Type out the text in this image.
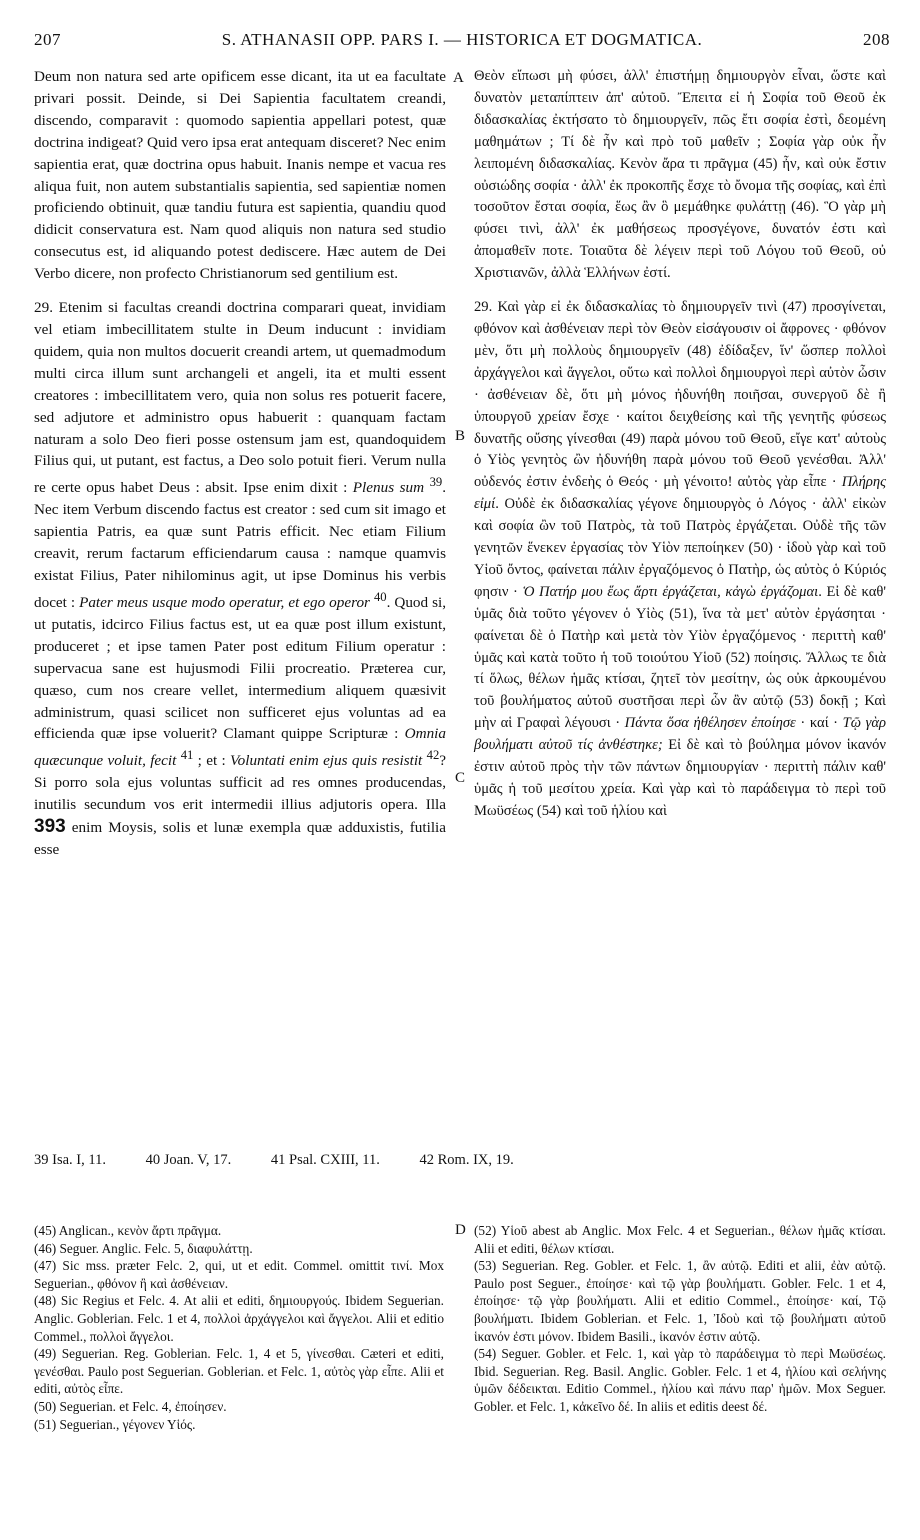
207	S. ATHANASII OPP. PARS I. — HISTORICA ET DOGMATICA.	208
A
B
C
D

Deum non natura sed arte opificem esse dicant, ita ut ea facultate privari possit. Deinde, si Dei Sapientia facultatem creandi, discendo, comparavit : quomodo sapientia appellari potest, quæ doctrina indigeat? Quid vero ipsa erat antequam disceret? Nec enim sapientia erat, quæ doctrina opus habuit. Inanis nempe et vacua res aliqua fuit, non autem substantialis sapientia, sed sapientiæ nomen proficiendo obtinuit, quæ tandiu futura est sapientia, quandiu quod didicit conservatura est. Nam quod aliquis non natura sed studio consecutus est, id aliquando potest dediscere. Hæc autem de Dei Verbo dicere, non profecto Christianorum sed gentilium est.

29. Etenim si facultas creandi doctrina comparari queat, invidiam vel etiam imbecillitatem stulte in Deum inducunt : invidiam quidem, quia non multos docuerit creandi artem, ut quemadmodum multi circa illum sunt archangeli et angeli, ita et multi essent creatores : imbecillitatem vero, quia non solus res potuerit facere, sed adjutore et administro opus habuerit : quanquam factam naturam a solo Deo fieri posse ostensum jam est, quandoquidem Filius qui, ut putant, est factus, a Deo solo potuit fieri. Verum nulla re certe opus habet Deus : absit. Ipse enim dixit : Plenus sum $^{39}$. Nec item Verbum discendo factus est creator : sed cum sit imago et sapientia Patris, ea quæ sunt Patris efficit. Nec etiam Filium creavit, rerum factarum efficiendarum causa : namque quamvis existat Filius, Pater nihilominus agit, ut ipse Dominus his verbis docet : Pater meus usque modo operatur, et ego operor $^{40}$. Quod si, ut putatis, idcirco Filius factus est, ut ea quæ post illum existunt, produceret ; et ipse tamen Pater post editum Filium operatur : supervacua sane est hujusmodi Filii procreatio. Præterea cur, quæso, cum nos creare vellet, intermedium aliquem quæsivit administrum, quasi scilicet non sufficeret ejus voluntas ad ea efficienda quæ ipse voluerit? Clamant quippe Scripturæ : Omnia quæcunque voluit, fecit $^{41}$ ; et : Voluntati enim ejus quis resistit $^{42}$? Si porro sola ejus voluntas sufficit ad res omnes producendas, inutilis secundum vos erit intermedii illius adjutoris opera. Illa 393 enim Moysis, solis et lunæ exempla quæ adduxistis, futilia esse

Θεὸν εἴπωσι μὴ φύσει, ἀλλ' ἐπιστήμῃ δημιουργὸν εἶναι, ὥστε καὶ δυνατὸν μεταπίπτειν ἀπ' αὐτοῦ. Ἔπειτα εἰ ἡ Σοφία τοῦ Θεοῦ ἐκ διδασκαλίας ἐκτήσατο τὸ δημιουργεῖν, πῶς ἔτι σοφία ἐστὶ, δεομένη μαθημάτων ; Τί δὲ ἦν καὶ πρὸ τοῦ μαθεῖν ; Σοφία γὰρ οὐκ ἦν λειπομένη διδασκαλίας. Κενὸν ἄρα τι πρᾶγμα (45) ἦν, καὶ οὐκ ἔστιν οὐσιώδης σοφία · ἀλλ' ἐκ προκοπῆς ἔσχε τὸ ὄνομα τῆς σοφίας, καὶ ἐπὶ τοσοῦτον ἔσται σοφία, ἕως ἂν ὃ μεμάθηκε φυλάττῃ (46). Ὃ γὰρ μὴ φύσει τινὶ, ἀλλ' ἐκ μαθήσεως προσγέγονε, δυνατόν ἐστι καὶ ἀπομαθεῖν ποτε. Τοιαῦτα δὲ λέγειν περὶ τοῦ Λόγου τοῦ Θεοῦ, οὐ Χριστιανῶν, ἀλλὰ Ἑλλήνων ἐστί.

29. Καὶ γὰρ εἰ ἐκ διδασκαλίας τὸ δημιουργεῖν τινὶ (47) προσγίνεται, φθόνον καὶ ἀσθένειαν περὶ τὸν Θεὸν εἰσάγουσιν οἱ ἄφρονες · φθόνον μὲν, ὅτι μὴ πολλοὺς δημιουργεῖν (48) ἐδίδαξεν, ἵν' ὥσπερ πολλοὶ ἀρχάγγελοι καὶ ἄγγελοι, οὕτω καὶ πολλοὶ δημιουργοὶ περὶ αὐτὸν ὦσιν · ἀσθένειαν δὲ, ὅτι μὴ μόνος ἠδυνήθη ποιῆσαι, συνεργοῦ δὲ ἢ ὑπουργοῦ χρείαν ἔσχε · καίτοι δειχθείσης καὶ τῆς γενητῆς φύσεως δυνατῆς οὔσης γίνεσθαι (49) παρὰ μόνου τοῦ Θεοῦ, εἴγε κατ' αὐτοὺς ὁ Υἱὸς γενητὸς ὢν ἠδυνήθη παρὰ μόνου τοῦ Θεοῦ γενέσθαι. Ἀλλ' οὐδενός ἐστιν ἐνδεὴς ὁ Θεός · μὴ γένοιτο! αὐτὸς γὰρ εἶπε · Πλήρης εἰμί. Οὐδὲ ἐκ διδασκαλίας γέγονε δημιουργὸς ὁ Λόγος · ἀλλ' εἰκὼν καὶ σοφία ὢν τοῦ Πατρὸς, τὰ τοῦ Πατρὸς ἐργάζεται. Οὐδὲ τῆς τῶν γενητῶν ἕνεκεν ἐργασίας τὸν Υἱὸν πεποίηκεν (50) · ἰδοὺ γὰρ καὶ τοῦ Υἱοῦ ὄντος, φαίνεται πάλιν ἐργαζόμενος ὁ Πατὴρ, ὡς αὐτὸς ὁ Κύριός φησιν · Ὁ Πατήρ μου ἕως ἄρτι ἐργάζεται, κἀγὼ ἐργάζομαι. Εἰ δὲ καθ' ὑμᾶς διὰ τοῦτο γέγονεν ὁ Υἱὸς (51), ἵνα τὰ μετ' αὐτὸν ἐργάσηται · φαίνεται δὲ ὁ Πατὴρ καὶ μετὰ τὸν Υἱὸν ἐργαζόμενος · περιττὴ καθ' ὑμᾶς καὶ κατὰ τοῦτο ἡ τοῦ τοιούτου Υἱοῦ (52) ποίησις. Ἄλλως τε διὰ τί ὅλως, θέλων ἡμᾶς κτίσαι, ζητεῖ τὸν μεσίτην, ὡς οὐκ ἀρκουμένου τοῦ βουλήματος αὐτοῦ συστῆσαι περὶ ὧν ἂν αὐτῷ (53) δοκῇ ; Καὶ μὴν αἱ Γραφαὶ λέγουσι · Πάντα ὅσα ἠθέλησεν ἐποίησε · καί · Τῷ γὰρ βουλήματι αὐτοῦ τίς ἀνθέστηκε; Εἰ δὲ καὶ τὸ βούλημα μόνον ἱκανόν ἐστιν αὐτοῦ πρὸς τὴν τῶν πάντων δημιουργίαν · περιττὴ πάλιν καθ' ὑμᾶς ἡ τοῦ μεσίτου χρεία. Καὶ γὰρ καὶ τὸ παράδειγμα τὸ περὶ τοῦ Μωϋσέως (54) καὶ τοῦ ἡλίου καὶ

39 Isa. I, 11.	40 Joan. V, 17.	41 Psal. CXIII, 11.	42 Rom. IX, 19.

(45) Anglican., κενὸν ἄρτι πρᾶγμα.

(46) Seguer. Anglic. Felc. 5, διαφυλάττῃ.

(47) Sic mss. præter Felc. 2, qui, ut et edit. Commel. omittit τινί. Mox Seguerian., φθόνον ἢ καὶ ἀσθένειαν.

(48) Sic Regius et Felc. 4. At alii et editi, δημιουργούς. Ibidem Seguerian. Anglic. Goblerian. Felc. 1 et 4, πολλοὶ ἀρχάγγελοι καὶ ἄγγελοι. Alii et editio Commel., πολλοὶ ἄγγελοι.

(49) Seguerian. Reg. Goblerian. Felc. 1, 4 et 5, γίνεσθαι. Cæteri et editi, γενέσθαι. Paulo post Seguerian. Goblerian. et Felc. 1, αὐτὸς γὰρ εἶπε. Alii et editi, αὐτὸς εἶπε.

(50) Seguerian. et Felc. 4, ἐποίησεν.

(51) Seguerian., γέγονεν Υἱός.

(52) Υἱοῦ abest ab Anglic. Mox Felc. 4 et Seguerian., θέλων ἡμᾶς κτίσαι. Alii et editi, θέλων κτίσαι.

(53) Seguerian. Reg. Gobler. et Felc. 1, ἂν αὐτῷ. Editi et alii, ἐὰν αὐτῷ. Paulo post Seguer., ἐποίησε· καὶ τῷ γὰρ βουλήματι. Gobler. Felc. 1 et 4, ἐποίησε· τῷ γὰρ βουλήματι. Alii et editio Commel., ἐποίησε· καί, Τῷ βουλήματι. Ibidem Goblerian. et Felc. 1, Ἰδοὺ καὶ τῷ βουλήματι αὐτοῦ ἱκανόν ἐστι μόνον. Ibidem Basili., ἱκανόν ἐστιν αὐτῷ.

(54) Seguer. Gobler. et Felc. 1, καὶ γὰρ τὸ παράδειγμα τὸ περὶ Μωϋσέως. Ibid. Seguerian. Reg. Basil. Anglic. Gobler. Felc. 1 et 4, ἡλίου καὶ σελήνης ὑμῶν δέδεικται. Editio Commel., ἡλίου καὶ πάνυ παρ' ἡμῶν. Mox Seguer. Gobler. et Felc. 1, κἀκεῖνο δέ. In aliis et editis deest δέ.
